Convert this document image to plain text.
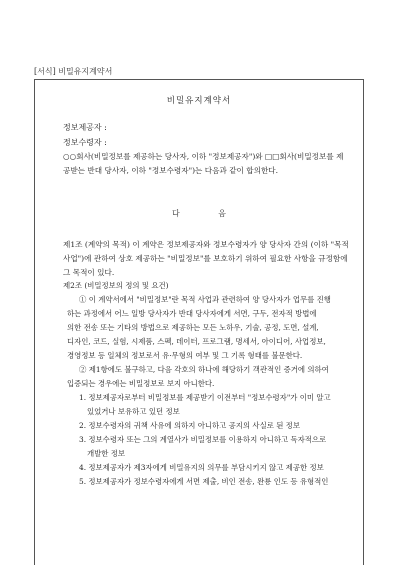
[서식] 비밀유지계약서
비밀유지계약서
정보제공자 :
정보수령자 :
○○회사(비밀정보를 제공하는 당사자, 이하 "정보제공자")와 □□회사(비밀정보를 제공받는 반대 당사자, 이하 "정보수령자")는 다음과 같이 합의한다.
다 음
제1조 (계약의 목적) 이 계약은 정보제공자와 정보수령자가 양 당사자 간의 (이하 "목적 사업")에 관하여 상호 제공하는 "비밀정보"를 보호하기 위하여 필요한 사항을 규정함에 그 목적이 있다.
제2조 (비밀정보의 정의 및 요건)
① 이 계약서에서 "비밀정보"란 목적 사업과 관련하여 양 당사자가 업무를 진행
하는 과정에서 어느 일방 당사자가 반대 당사자에게 서면, 구두, 전자적 방법에
의한 전송 또는 기타의 방법으로 제공하는 모든 노하우, 기술, 공정, 도면, 설계,
디자인, 코드, 실험, 시제품, 스펙, 데이터, 프로그램, 명세서, 아이디어, 사업정보,
경영정보 등 일체의 정보로서 유·무형의 여부 및 그 기록 형태를 불문한다.
② 제1항에도 불구하고, 다음 각호의 하나에 해당하기 객관적인 증거에 의하여
입증되는 경우에는 비밀정보로 보지 아니한다.
1. 정보제공자로부터 비밀정보를 제공받기 이전부터 "정보수령자"가 이미 알고
있었거나 보유하고 있던 정보
2. 정보수령자의 귀책 사유에 의하지 아니하고 공지의 사실로 된 정보
3. 정보수령자 또는 그의 계열사가 비밀정보를 이용하지 아니하고 독자적으로
개발한 정보
4. 정보제공자가 제3자에게 비밀유지의 의무를 부담시키지 않고 제공한 정보
5. 정보제공자가 정보수령자에게 서면 제출, 비인 전송, 완룡 인도 등 유형적인
